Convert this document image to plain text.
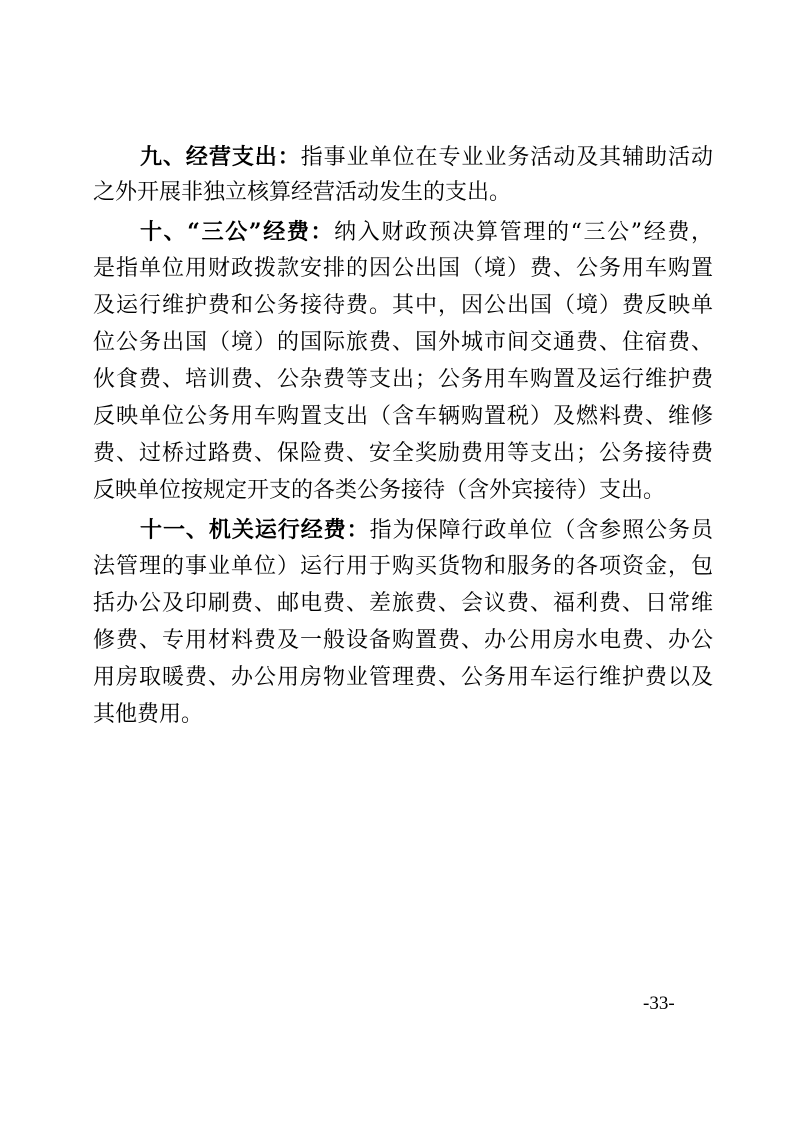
九、经营支出：指事业单位在专业业务活动及其辅助活动
之外开展非独立核算经营活动发生的支出。
十、“三公”经费：纳入财政预决算管理的“三公”经费，
是指单位用财政拨款安排的因公出国（境）费、公务用车购置
及运行维护费和公务接待费。其中，因公出国（境）费反映单
位公务出国（境）的国际旅费、国外城市间交通费、住宿费、
伙食费、培训费、公杂费等支出；公务用车购置及运行维护费
反映单位公务用车购置支出（含车辆购置税）及燃料费、维修
费、过桥过路费、保险费、安全奖励费用等支出；公务接待费
反映单位按规定开支的各类公务接待（含外宾接待）支出。
十一、机关运行经费：指为保障行政单位（含参照公务员
法管理的事业单位）运行用于购买货物和服务的各项资金，包
括办公及印刷费、邮电费、差旅费、会议费、福利费、日常维
修费、专用材料费及一般设备购置费、办公用房水电费、办公
用房取暖费、办公用房物业管理费、公务用车运行维护费以及
其他费用。
-33-
